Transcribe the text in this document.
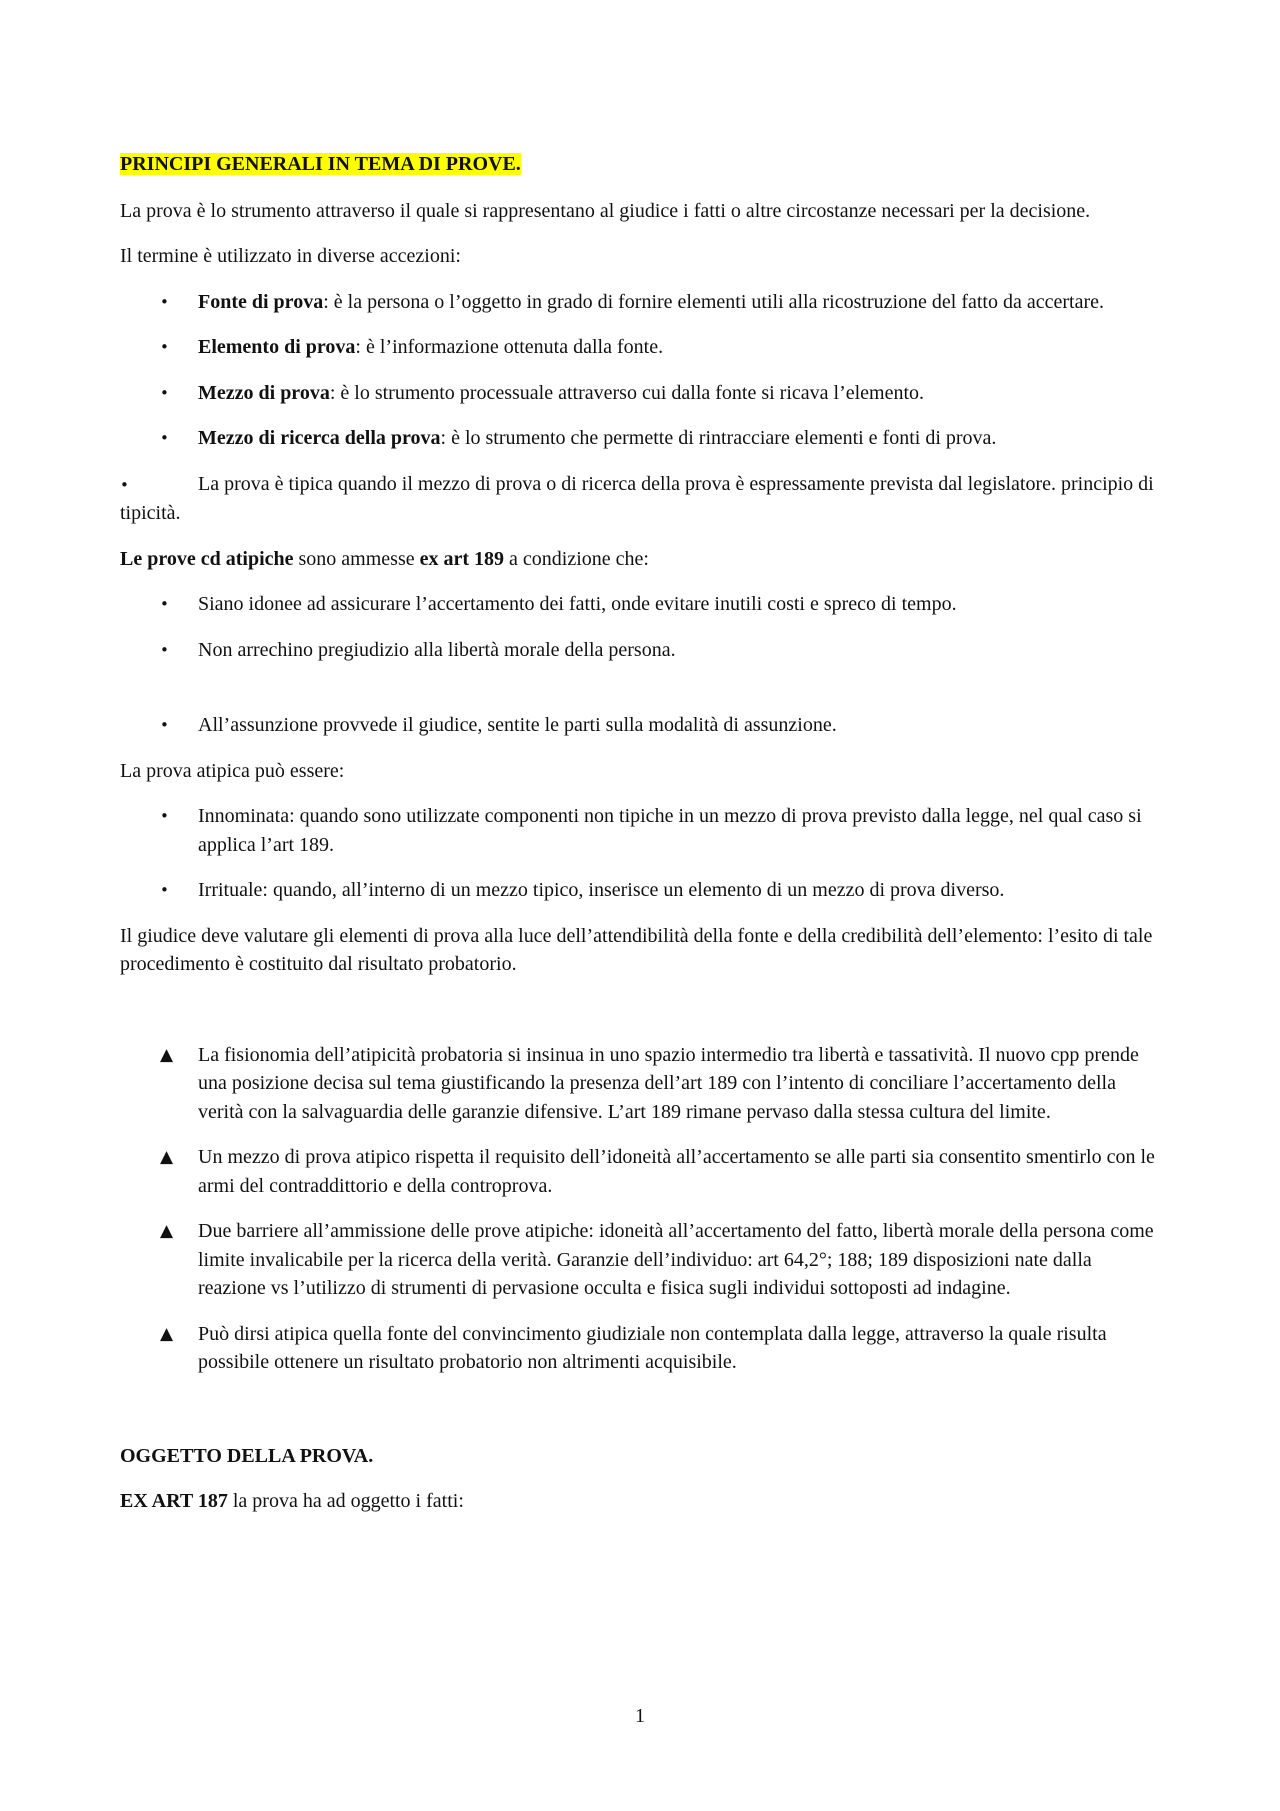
PRINCIPI GENERALI IN TEMA DI PROVE.

La prova è lo strumento attraverso il quale si rappresentano al giudice i fatti o altre circostanze necessari per la decisione.

Il termine è utilizzato in diverse accezioni:

• Fonte di prova: è la persona o l’oggetto in grado di fornire elementi utili alla ricostruzione del fatto da accertare.
• Elemento di prova: è l’informazione ottenuta dalla fonte.
• Mezzo di prova: è lo strumento processuale attraverso cui dalla fonte si ricava l’elemento.
• Mezzo di ricerca della prova: è lo strumento che permette di rintracciare elementi e fonti di prova.

•	La prova è tipica quando il mezzo di prova o di ricerca della prova è espressamente prevista dal legislatore. principio di tipicità.

Le prove cd atipiche sono ammesse ex art 189 a condizione che:

• Siano idonee ad assicurare l’accertamento dei fatti, onde evitare inutili costi e spreco di tempo.
• Non arrechino pregiudizio alla libertà morale della persona.
• All’assunzione provvede il giudice, sentite le parti sulla modalità di assunzione.

La prova atipica può essere:

• Innominata: quando sono utilizzate componenti non tipiche in un mezzo di prova previsto dalla legge, nel qual caso si applica l’art 189.
• Irrituale: quando, all’interno di un mezzo tipico, inserisce un elemento di un mezzo di prova diverso.

Il giudice deve valutare gli elementi di prova alla luce dell’attendibilità della fonte e della credibilità dell’elemento: l’esito di tale procedimento è costituito dal risultato probatorio.

▲ La fisionomia dell’atipicità probatoria si insinua in uno spazio intermedio tra libertà e tassatività. Il nuovo cpp prende una posizione decisa sul tema giustificando la presenza dell’art 189 con l’intento di conciliare l’accertamento della verità con la salvaguardia delle garanzie difensive. L’art 189 rimane pervaso dalla stessa cultura del limite.
▲ Un mezzo di prova atipico rispetta il requisito dell’idoneità all’accertamento se alle parti sia consentito smentirlo con le armi del contraddittorio e della controprova.
▲ Due barriere all’ammissione delle prove atipiche: idoneità all’accertamento del fatto, libertà morale della persona come limite invalicabile per la ricerca della verità. Garanzie dell’individuo: art 64,2°; 188; 189 disposizioni nate dalla reazione vs l’utilizzo di strumenti di pervasione occulta e fisica sugli individui sottoposti ad indagine.
▲ Può dirsi atipica quella fonte del convincimento giudiziale non contemplata dalla legge, attraverso la quale risulta possibile ottenere un risultato probatorio non altrimenti acquisibile.

OGGETTO DELLA PROVA.

EX ART 187 la prova ha ad oggetto i fatti:

1
